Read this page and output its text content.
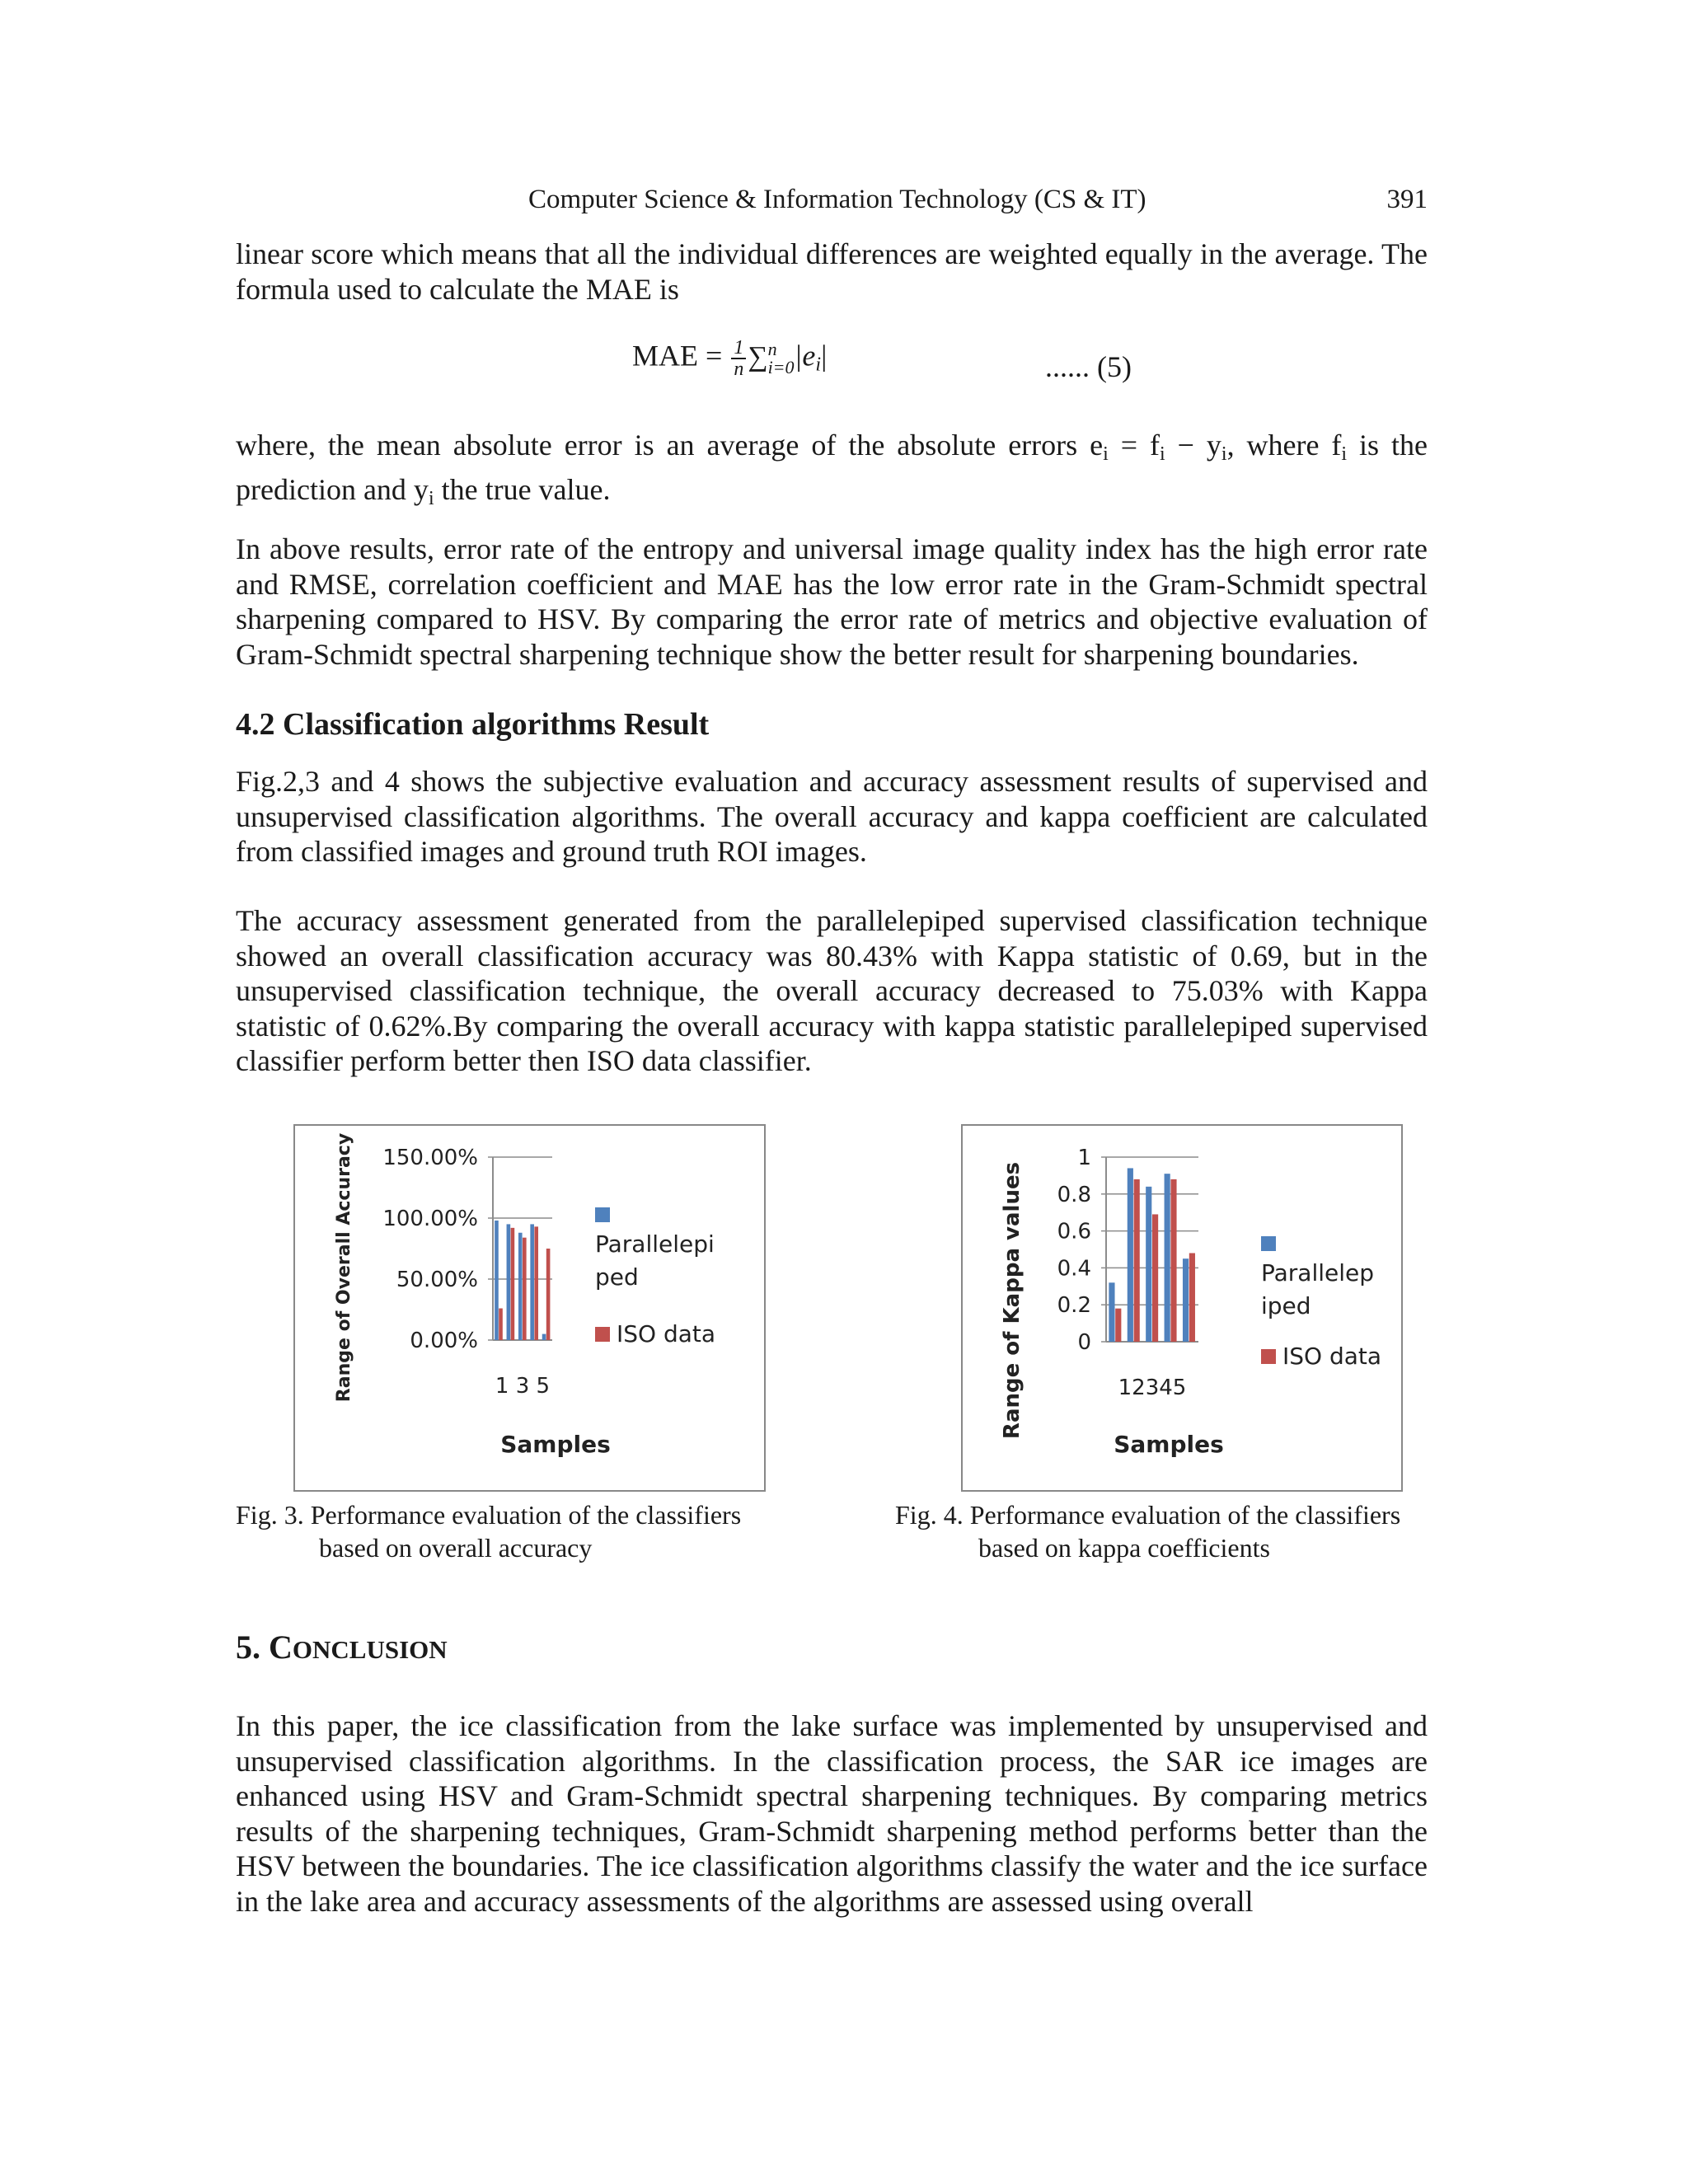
Computer Science & Information Technology (CS & IT)	391

linear score which means that all the individual differences are weighted equally in the average. The formula used to calculate the MAE is

MAE = $\frac{1}{n}$ ∑ n
i=0 $|e_i|$	...... (5)

where, the mean absolute error is an average of the absolute errors $e_i = f_i - y_i$, where $f_i$ is the prediction and $y_i$ the true value.

In above results, error rate of the entropy and universal image quality index has the high error rate and RMSE, correlation coefficient and MAE has the low error rate in the Gram-Schmidt spectral sharpening compared to HSV. By comparing the error rate of metrics and objective evaluation of Gram-Schmidt spectral sharpening technique show the better result for sharpening boundaries.

4.2 Classification algorithms Result

Fig.2,3 and 4 shows the subjective evaluation and accuracy assessment results of supervised and unsupervised classification algorithms. The overall accuracy and kappa coefficient are calculated from classified images and ground truth ROI images.

The accuracy assessment generated from the parallelepiped supervised classification technique showed an overall classification accuracy was 80.43% with Kappa statistic of 0.69, but in the unsupervised classification technique, the overall accuracy decreased to 75.03% with Kappa statistic of 0.62%.By comparing the overall accuracy with kappa statistic parallelepiped supervised classifier perform better then ISO data classifier.

150.00%
100.00%
50.00%
0.00%
1 3 5
Samples
Range of Overall Accuracy	Parallelepi
ped
ISO data
1
0.8
0.6
0.4
0.2
0
12345
Samples
Range of Kappa values	Parallelep
iped
ISO data
Fig. 3. Performance evaluation of the classifiers
based on overall accuracy
Fig. 4. Performance evaluation of the classifiers
based on kappa coefficients
5. CONCLUSION

In this paper, the ice classification from the lake surface was implemented by unsupervised and unsupervised classification algorithms. In the classification process, the SAR ice images are enhanced using HSV and Gram-Schmidt spectral sharpening techniques. By comparing metrics results of the sharpening techniques, Gram-Schmidt sharpening method performs better than the HSV between the boundaries. The ice classification algorithms classify the water and the ice surface in the lake area and accuracy assessments of the algorithms are assessed using overall
